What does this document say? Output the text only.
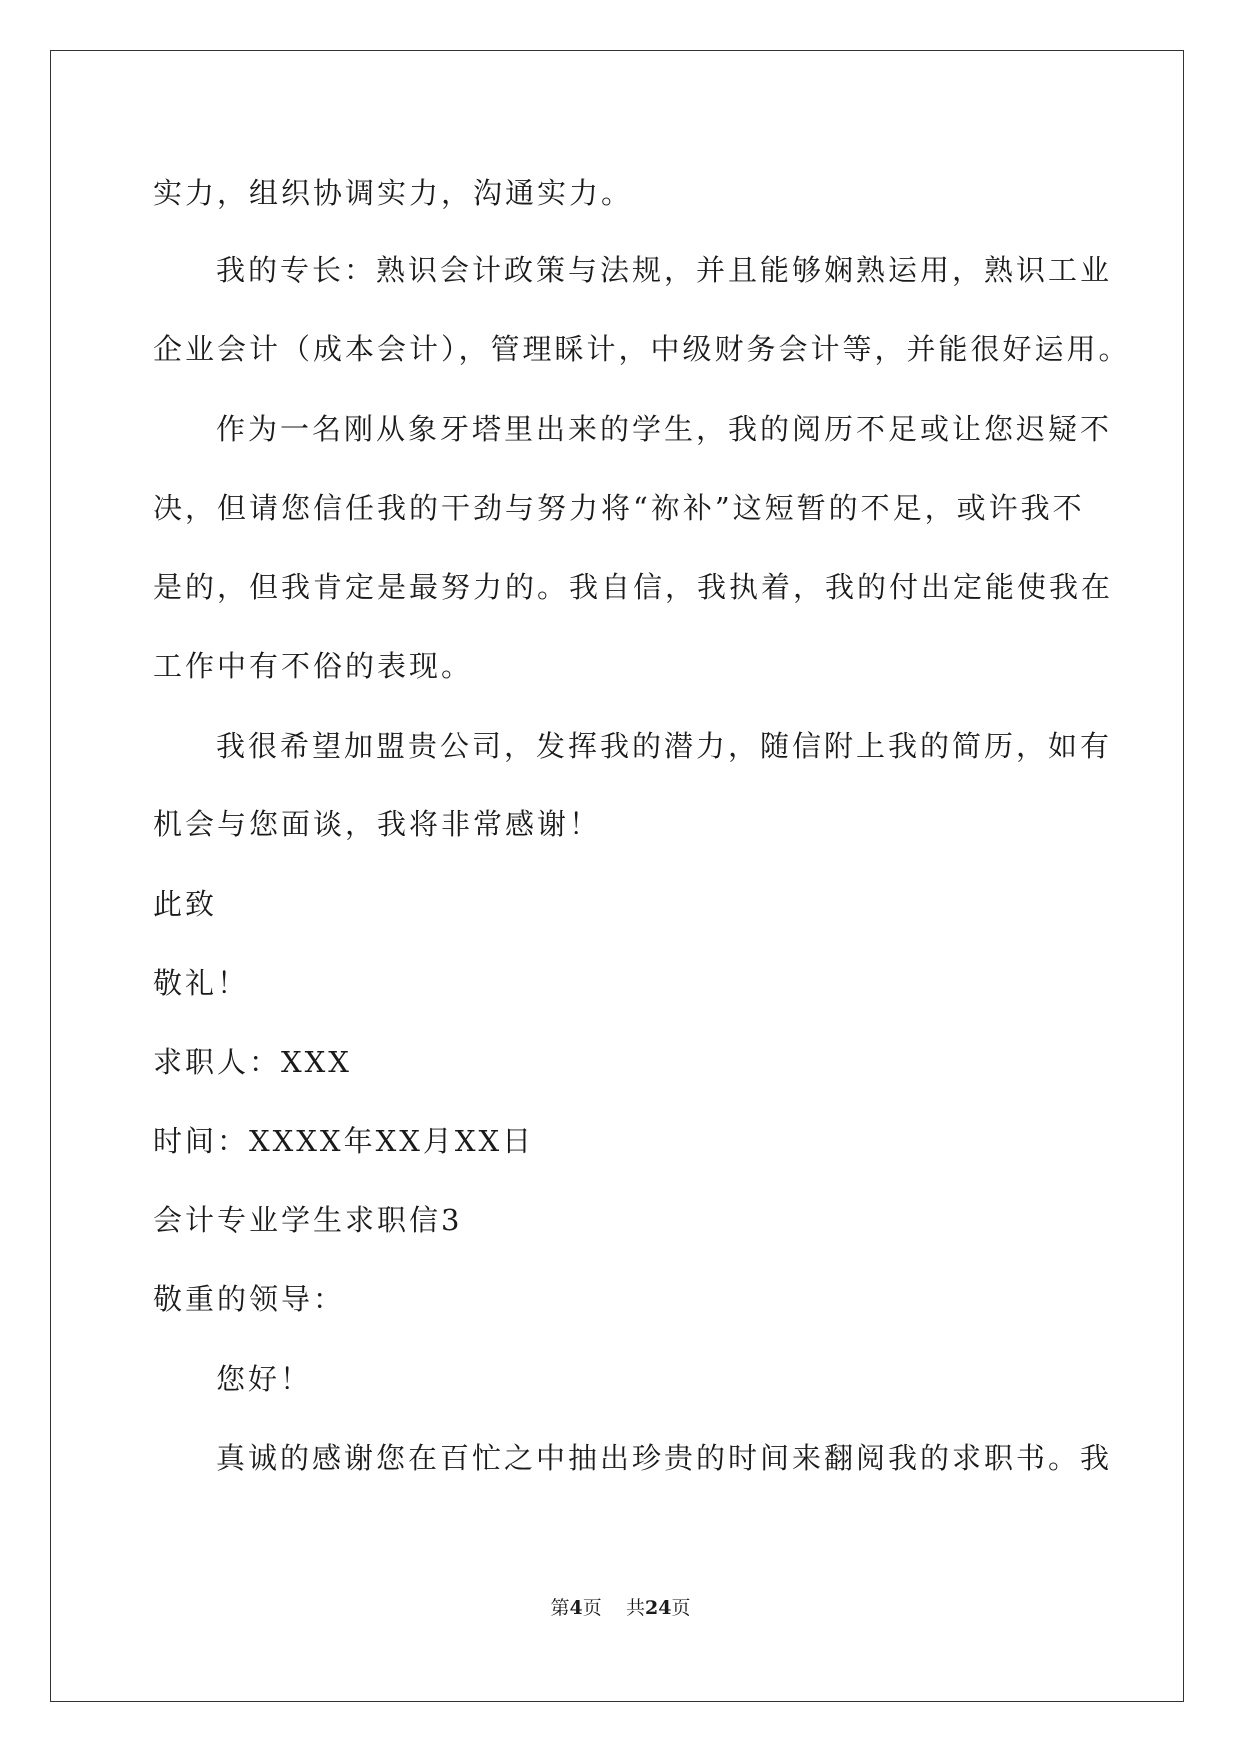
实力，组织协调实力，沟通实力。
我的专长：熟识会计政策与法规，并且能够娴熟运用，熟识工业
企业会计（成本会计），管理睬计，中级财务会计等，并能很好运用。
作为一名刚从象牙塔里出来的学生，我的阅历不足或让您迟疑不
决，但请您信任我的干劲与努力将“祢补”这短暂的不足，或许我不
是的，但我肯定是最努力的。我自信，我执着，我的付出定能使我在
工作中有不俗的表现。
我很希望加盟贵公司，发挥我的潜力，随信附上我的简历，如有
机会与您面谈，我将非常感谢！
此致
敬礼！
求职人：XXX
时间：XXXX年XX月XX日
会计专业学生求职信3
敬重的领导：
您好！
真诚的感谢您在百忙之中抽出珍贵的时间来翻阅我的求职书。我
第4页 共24页
